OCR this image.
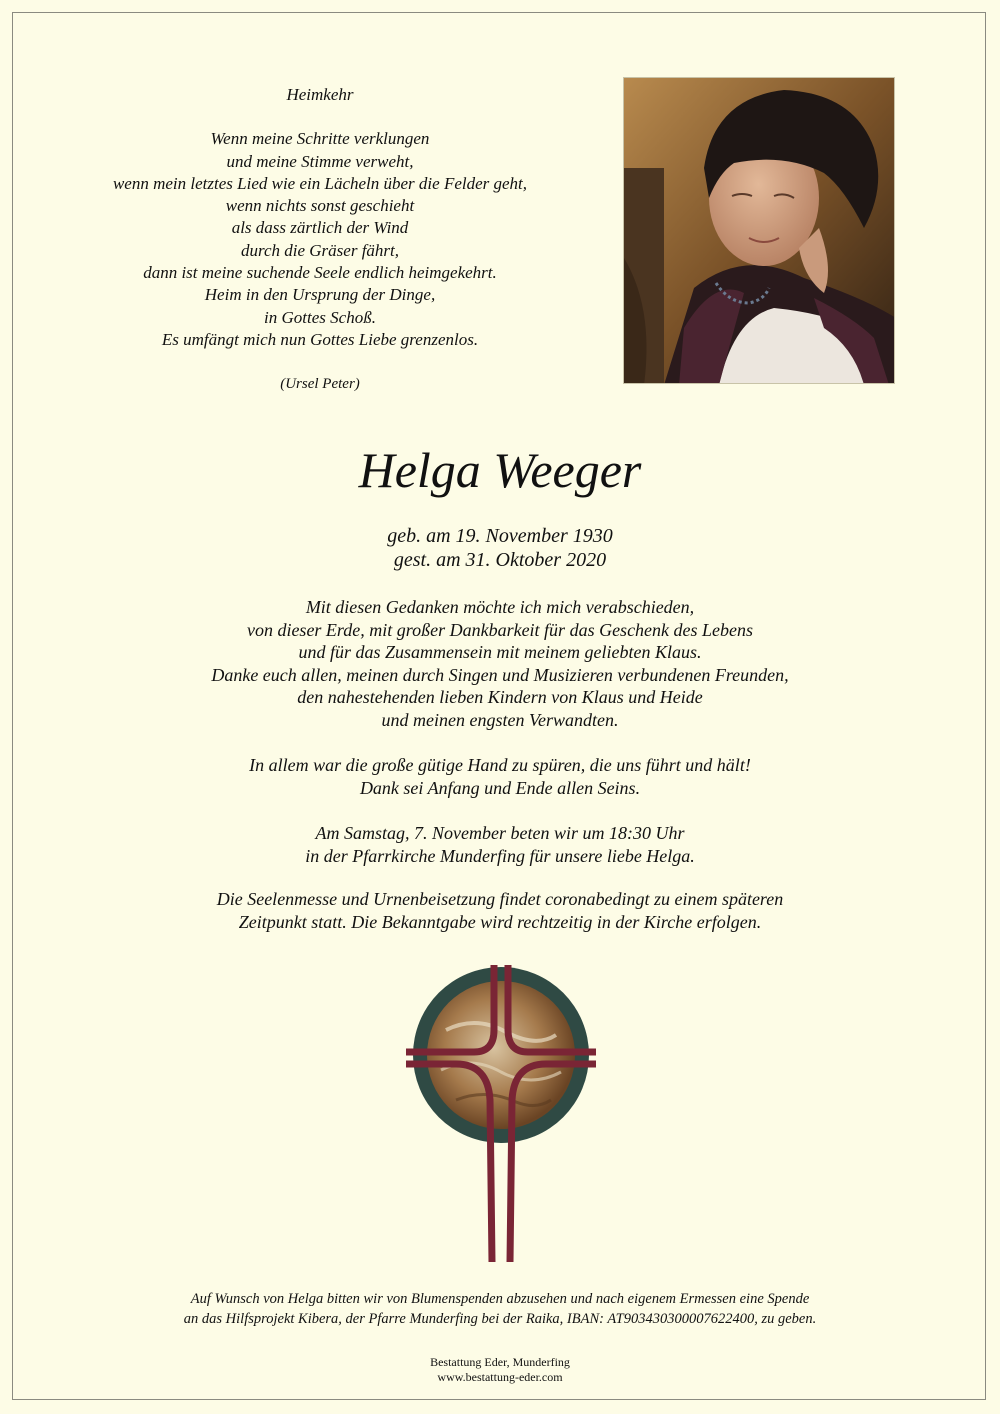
Heimkehr
Wenn meine Schritte verklungen
und meine Stimme verweht,
wenn mein letztes Lied wie ein Lächeln über die Felder geht,
wenn nichts sonst geschieht
als dass zärtlich der Wind
durch die Gräser fährt,
dann ist meine suchende Seele endlich heimgekehrt.
Heim in den Ursprung der Dinge,
in Gottes Schoß.
Es umfängt mich nun Gottes Liebe grenzenlos.
(Ursel Peter)
Helga Weeger
geb. am 19. November 1930
gest. am 31. Oktober 2020
Mit diesen Gedanken möchte ich mich verabschieden,
von dieser Erde, mit großer Dankbarkeit für das Geschenk des Lebens
und für das Zusammensein mit meinem geliebten Klaus.
Danke euch allen, meinen durch Singen und Musizieren verbundenen Freunden,
den nahestehenden lieben Kindern von Klaus und Heide
und meinen engsten Verwandten.
In allem war die große gütige Hand zu spüren, die uns führt und hält!
Dank sei Anfang und Ende allen Seins.
Am Samstag, 7. November beten wir um 18:30 Uhr
in der Pfarrkirche Munderfing für unsere liebe Helga.
Die Seelenmesse und Urnenbeisetzung findet coronabedingt zu einem späteren
Zeitpunkt statt. Die Bekanntgabe wird rechtzeitig in der Kirche erfolgen.
Auf Wunsch von Helga bitten wir von Blumenspenden abzusehen und nach eigenem Ermessen eine Spende
an das Hilfsprojekt Kibera, der Pfarre Munderfing bei der Raika, IBAN: AT903430300007622400, zu geben.
Bestattung Eder, Munderfing
www.bestattung-eder.com
